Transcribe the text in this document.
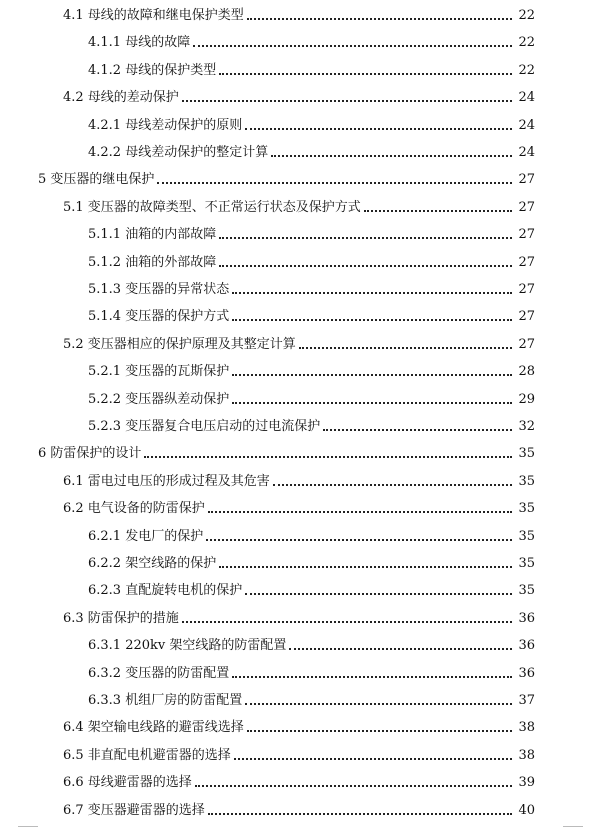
4.1 母线的故障和继电保护类型	22
4.1.1 母线的故障	22
4.1.2 母线的保护类型	22
4.2 母线的差动保护	24
4.2.1 母线差动保护的原则	24
4.2.2 母线差动保护的整定计算	24
5 变压器的继电保护	27
5.1 变压器的故障类型、不正常运行状态及保护方式	27
5.1.1 油箱的内部故障	27
5.1.2 油箱的外部故障	27
5.1.3 变压器的异常状态	27
5.1.4 变压器的保护方式	27
5.2 变压器相应的保护原理及其整定计算	27
5.2.1 变压器的瓦斯保护	28
5.2.2 变压器纵差动保护	29
5.2.3 变压器复合电压启动的过电流保护	32
6 防雷保护的设计	35
6.1 雷电过电压的形成过程及其危害	35
6.2 电气设备的防雷保护	35
6.2.1 发电厂的保护	35
6.2.2 架空线路的保护	35
6.2.3 直配旋转电机的保护	35
6.3 防雷保护的措施	36
6.3.1 220kv 架空线路的防雷配置	36
6.3.2 变压器的防雷配置	36
6.3.3 机组厂房的防雷配置	37
6.4 架空输电线路的避雷线选择	38
6.5 非直配电机避雷器的选择	38
6.6 母线避雷器的选择	39
6.7 变压器避雷器的选择	40
